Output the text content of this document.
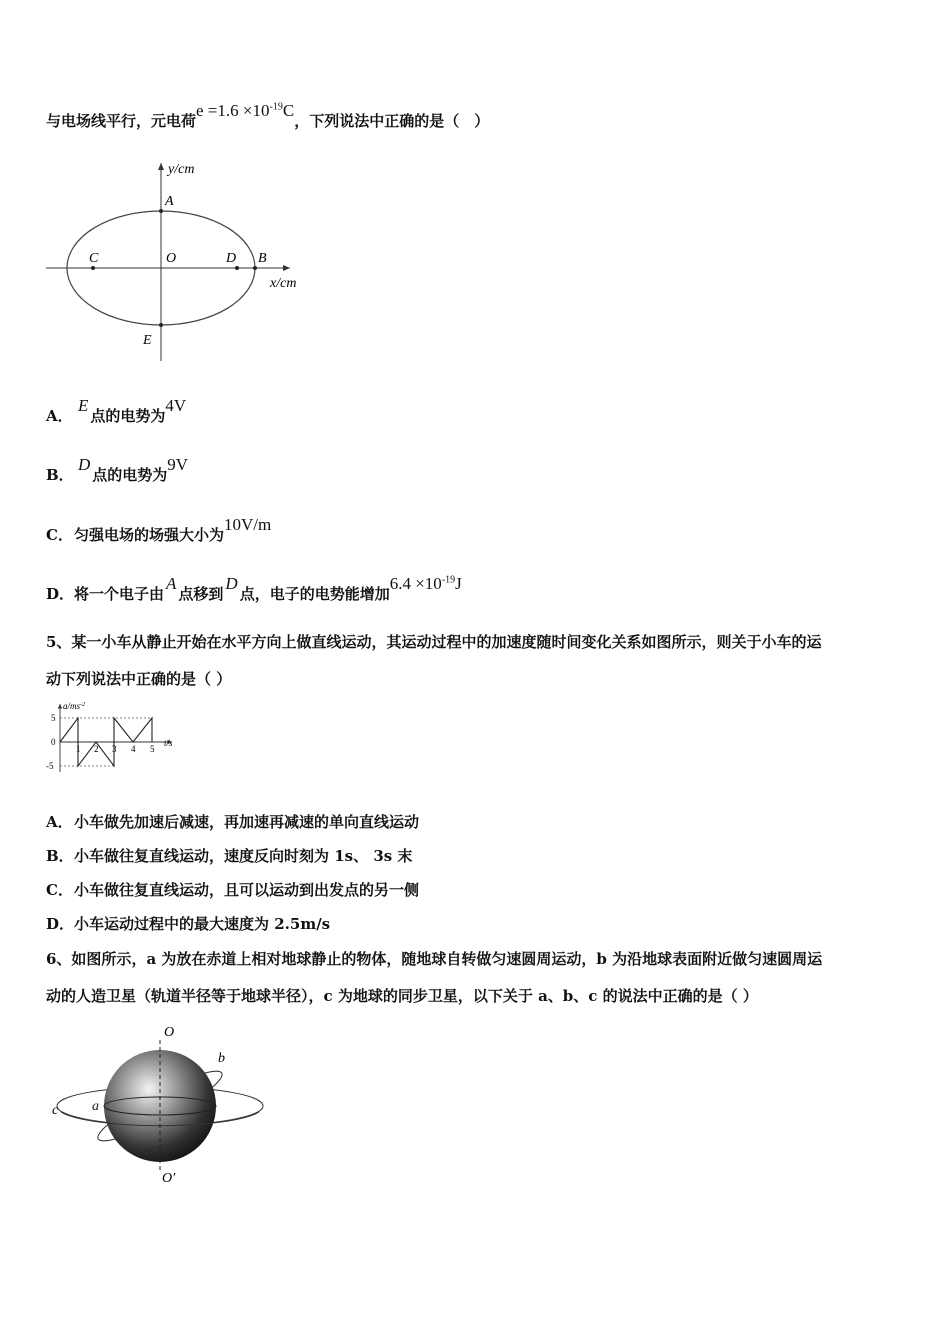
与电场线平行，元电荷$e =1.6 \times 10^{-19}C$，下列说法中正确的是（　）
y/cm
x/cm
A
C	O	D B
E
A．E点的电势为4V
B．D点的电势为9V
C．匀强电场的场强大小为10V/m
D．将一个电子由A点移到D点，电子的电势能增加$6.4 \times 10^{-19}J$
5、某一小车从静止开始在水平方向上做直线运动，其运动过程中的加速度随时间变化关系如图所示，则关于小车的运
动下列说法中正确的是（ ）
$a/ms^{-2}$
t/s
5
0
-5
1 2 3 4 5
A．小车做先加速后减速，再加速再减速的单向直线运动
B．小车做往复直线运动，速度反向时刻为 1s、 3s 末
C．小车做往复直线运动，且可以运动到出发点的另一侧
D．小车运动过程中的最大速度为 2.5m/s
6、如图所示，a 为放在赤道上相对地球静止的物体，随地球自转做匀速圆周运动，b 为沿地球表面附近做匀速圆周运
动的人造卫星（轨道半径等于地球半径），c 为地球的同步卫星，以下关于 a、b、c 的说法中正确的是（ ）
O
O′
b
c a
